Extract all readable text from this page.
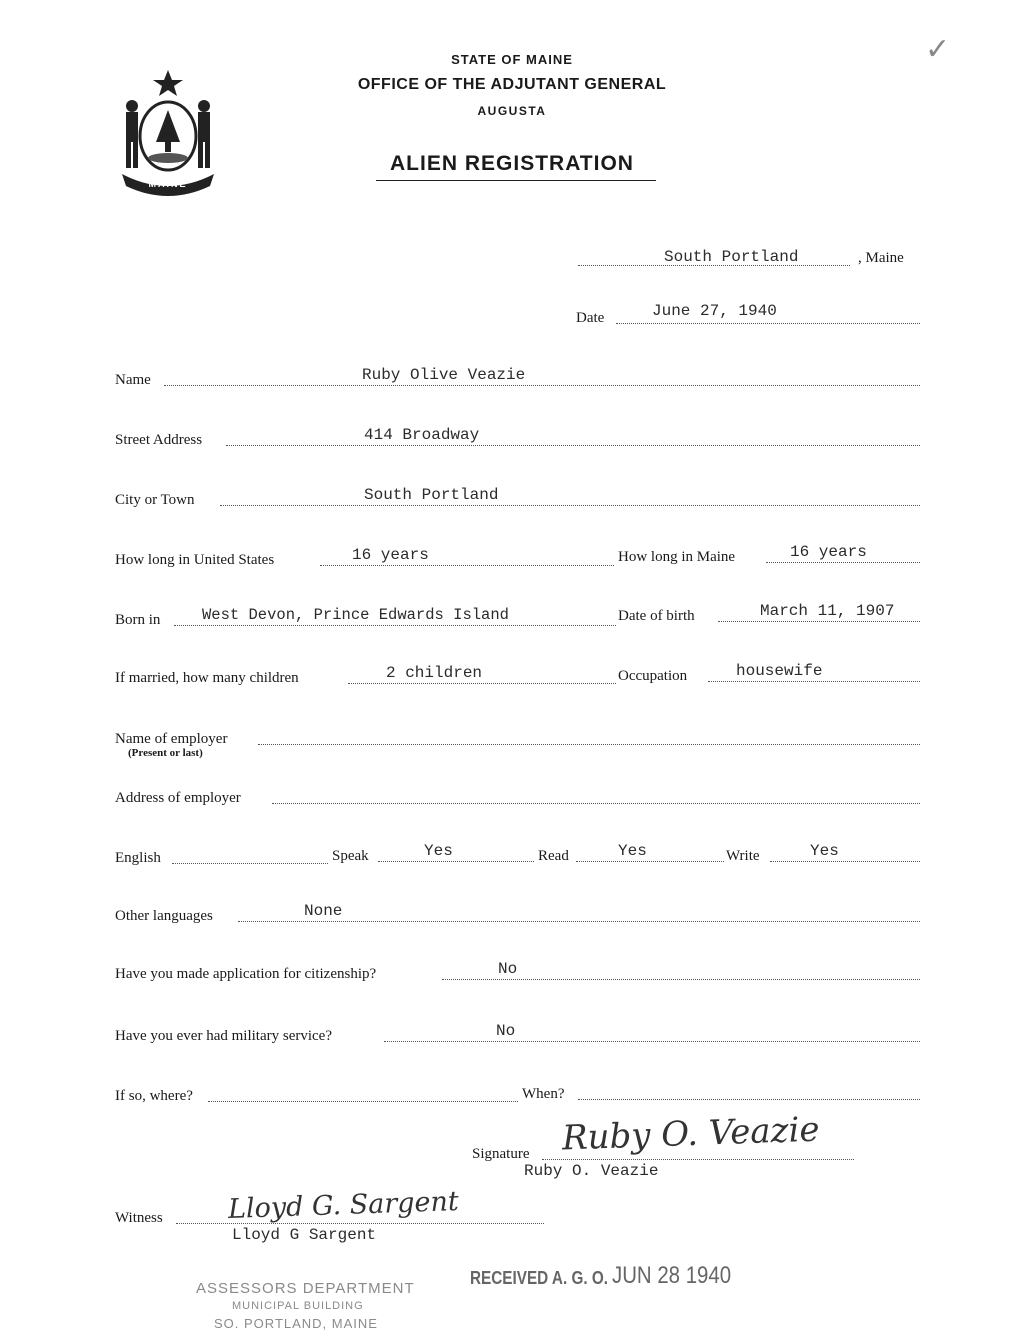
✓
MAINE
STATE OF MAINE
OFFICE OF THE ADJUTANT GENERAL
AUGUSTA
ALIEN REGISTRATION
South Portland	, Maine
Date	June 27, 1940
Name	Ruby Olive Veazie
Street Address	414 Broadway
City or Town	South Portland
How long in United States	16 years	How long in Maine	16 years
Born in	West Devon, Prince Edwards Island	Date of birth	March 11, 1907
If married, how many children	2 children	Occupation	housewife
Name of employer
(Present or last)
Address of employer
English	Speak	Yes	Read	Yes	Write	Yes
Other languages	None
Have you made application for citizenship?	No
Have you ever had military service?	No
If so, where?	When?
Signature Ruby O. Veazie
Ruby O. Veazie
Witness Lloyd G. Sargent
Lloyd G Sargent
ASSESSORS DEPARTMENT
MUNICIPAL BUILDING
SO. PORTLAND, MAINE
RECEIVED A. G. O. JUN 28 1940
